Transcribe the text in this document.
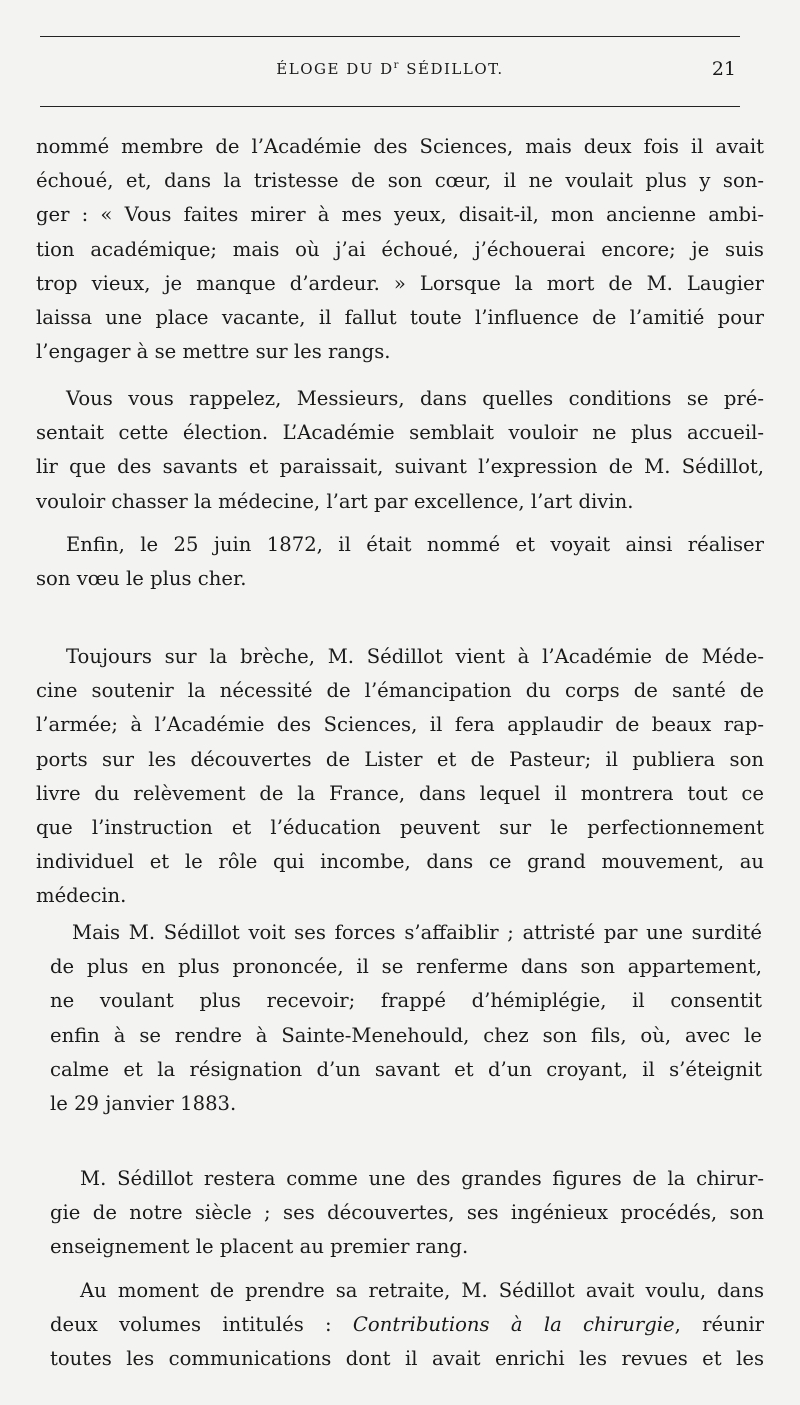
ÉLOGE DU $D^r$ SÉDILLOT.	21

nommé membre de l’Académie des Sciences, mais deux fois il avait
échoué, et, dans la tristesse de son cœur, il ne voulait plus y son-
ger : « Vous faites mirer à mes yeux, disait-il, mon ancienne ambi-
tion académique; mais où j’ai échoué, j’échouerai encore; je suis
trop vieux, je manque d’ardeur. » Lorsque la mort de M. Laugier
laissa une place vacante, il fallut toute l’influence de l’amitié pour
l’engager à se mettre sur les rangs.

Vous vous rappelez, Messieurs, dans quelles conditions se pré-
sentait cette élection. L’Académie semblait vouloir ne plus accueil-
lir que des savants et paraissait, suivant l’expression de M. Sédillot,
vouloir chasser la médecine, l’art par excellence, l’art divin.

Enfin, le 25 juin 1872, il était nommé et voyait ainsi réaliser
son vœu le plus cher.

Toujours sur la brèche, M. Sédillot vient à l’Académie de Méde-
cine soutenir la nécessité de l’émancipation du corps de santé de
l’armée; à l’Académie des Sciences, il fera applaudir de beaux rap-
ports sur les découvertes de Lister et de Pasteur; il publiera son
livre du relèvement de la France, dans lequel il montrera tout ce
que l’instruction et l’éducation peuvent sur le perfectionnement
individuel et le rôle qui incombe, dans ce grand mouvement, au
médecin.

Mais M. Sédillot voit ses forces s’affaiblir ; attristé par une surdité
de plus en plus prononcée, il se renferme dans son appartement,
ne voulant plus recevoir; frappé d’hémiplégie, il consentit
enfin à se rendre à Sainte-Menehould, chez son fils, où, avec le
calme et la résignation d’un savant et d’un croyant, il s’éteignit
le 29 janvier 1883.

M. Sédillot restera comme une des grandes figures de la chirur-
gie de notre siècle ; ses découvertes, ses ingénieux procédés, son
enseignement le placent au premier rang.

Au moment de prendre sa retraite, M. Sédillot avait voulu, dans
deux volumes intitulés : Contributions à la chirurgie, réunir
toutes les communications dont il avait enrichi les revues et les
